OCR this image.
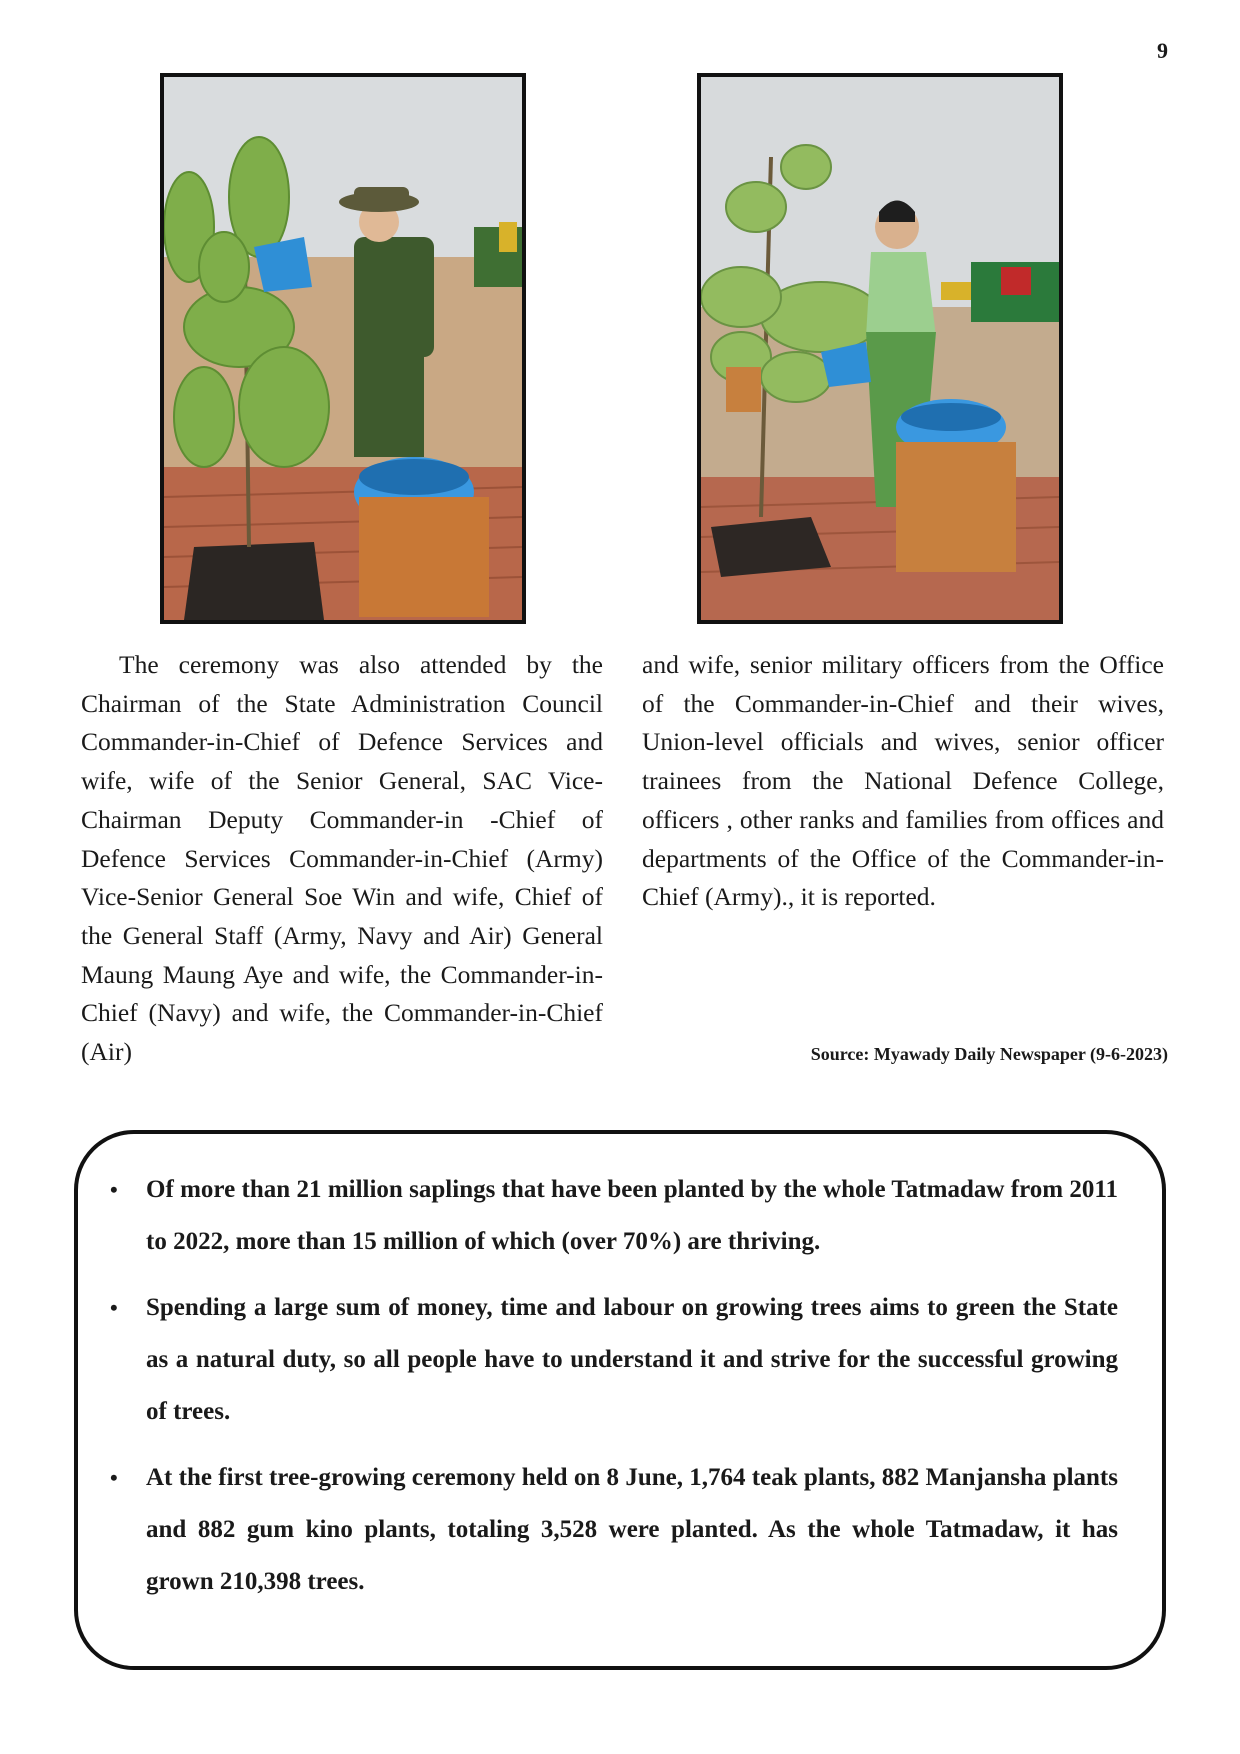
9

The ceremony was also attended by the Chairman of the State Administration Council Commander-in-Chief of Defence Services and wife, wife of the Senior General, SAC Vice-Chairman Deputy Commander-in -Chief of Defence Services Commander-in-Chief (Army) Vice-Senior General Soe Win and wife, Chief of the General Staff (Army, Navy and Air) General Maung Maung Aye and wife, the Commander-in-Chief (Navy) and wife, the Commander-in-Chief (Air)

and wife, senior military officers from the Office of the Commander-in-Chief and their wives, Union-level officials and wives, senior officer trainees from the National Defence College, officers , other ranks and families from offices and departments of the Office of the Commander-in-Chief (Army)., it is reported.

Source: Myawady Daily Newspaper (9-6-2023)
• Of more than 21 million saplings that have been planted by the whole Tatmadaw from 2011 to 2022, more than 15 million of which (over 70%) are thriving.
• Spending a large sum of money, time and labour on growing trees aims to green the State as a natural duty, so all people have to understand it and strive for the successful growing of trees.
• At the first tree-growing ceremony held on 8 June, 1,764 teak plants, 882 Manjansha plants and 882 gum kino plants, totaling 3,528 were planted. As the whole Tatmadaw, it has grown 210,398 trees.
